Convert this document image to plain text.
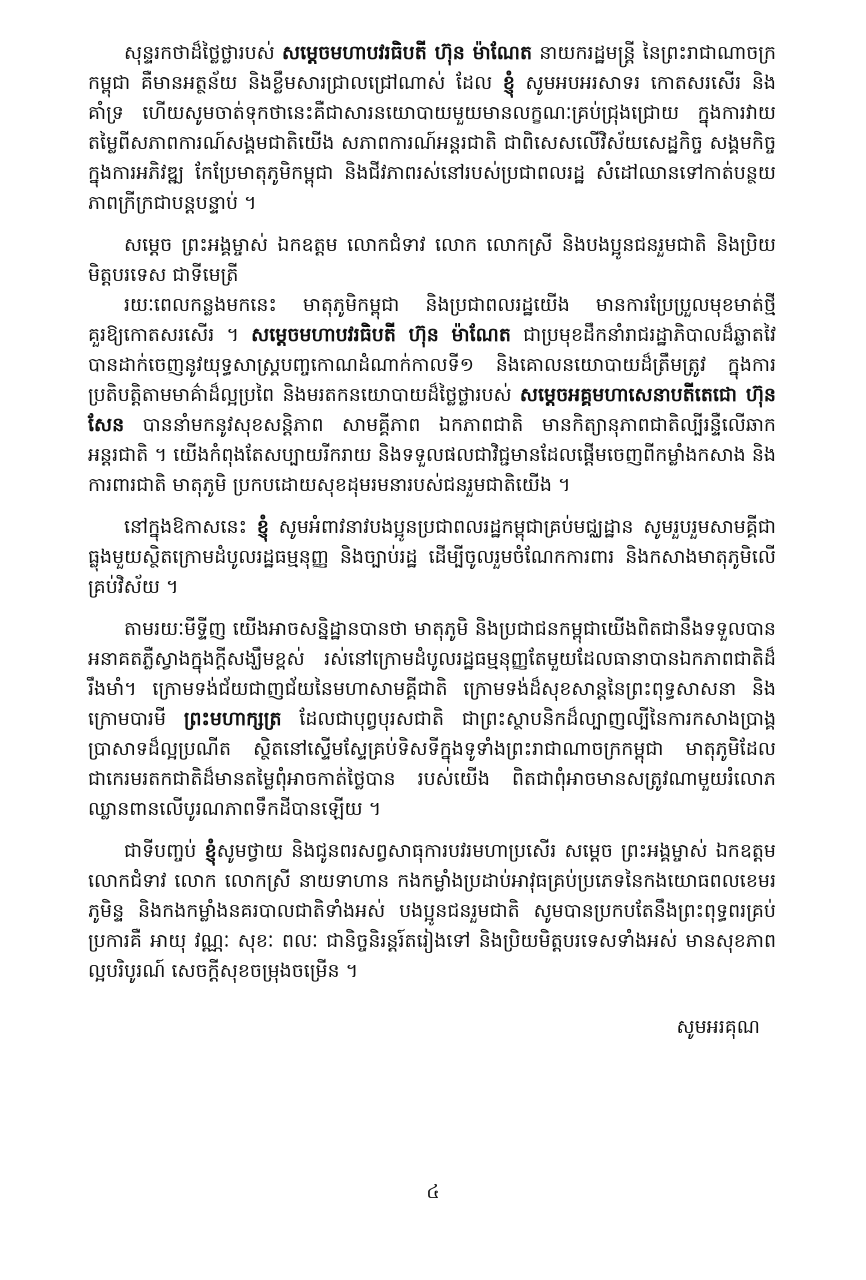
សុន្ទរកថាដ៏ថ្លៃថ្លារបស់ សម្ដេចមហាបវរធិបតី ហ៊ុន ម៉ាណែត នាយករដ្ឋមន្ត្រី នៃព្រះរាជាណាចក្រកម្ពុជា គឺមានអត្ថន័យ និងខ្លឹមសារជ្រាលជ្រៅណាស់ ដែល ខ្ញុំ សូមអបអរសាទរ កោតសរសើរ និងគាំទ្រ ហើយសូមចាត់ទុកថានេះគឺជាសារនយោបាយមួយមានលក្ខណៈគ្រប់ជ្រុងជ្រោយ ក្នុងការវាយតម្លៃពីសភាពការណ៍សង្គមជាតិយើង សភាពការណ៍អន្តរជាតិ ជាពិសេសលើវិស័យសេដ្ឋកិច្ច សង្គមកិច្ចក្នុងការអភិវឌ្ឍ កែប្រែមាតុភូមិកម្ពុជា និងជីវភាពរស់នៅរបស់ប្រជាពលរដ្ឋ សំដៅឈានទៅកាត់បន្ថយភាពក្រីក្រជាបន្តបន្ទាប់ ។

សម្ដេច ព្រះអង្គម្ចាស់ ឯកឧត្តម លោកជំទាវ លោក លោកស្រី និងបងប្អូនជនរួមជាតិ និងប្រិយមិត្តបរទេស ជាទីមេត្រី

រយៈពេលកន្លងមកនេះ មាតុភូមិកម្ពុជា និងប្រជាពលរដ្ឋយើង មានការប្រែប្រួលមុខមាត់ថ្មីគួរឱ្យកោតសរសើរ ។ សម្ដេចមហាបវរធិបតី ហ៊ុន ម៉ាណែត ជាប្រមុខដឹកនាំរាជរដ្ឋាភិបាលដ៏ឆ្លាតវៃ បានដាក់ចេញនូវយុទ្ធសាស្រ្តបញ្ចកោណដំណាក់កាលទី១ និងគោលនយោបាយដ៏ត្រឹមត្រូវ ក្នុងការប្រតិបត្តិតាមមាគ៌ាដ៏ល្អប្រពៃ និងមរតកនយោបាយដ៏ថ្លៃថ្លារបស់ សម្ដេចអគ្គមហាសេនាបតីតេជោ ហ៊ុន សែន បាននាំមកនូវសុខសន្តិភាព សាមគ្គីភាព ឯកភាពជាតិ មានកិត្យានុភាពជាតិល្បីរន្ទឺលើឆាកអន្តរជាតិ ។ យើងកំពុងតែសប្បាយរីករាយ និងទទួលផលជាវិជ្ជមានដែលផ្ដើមចេញពីកម្លាំងកសាង និងការពារជាតិ មាតុភូមិ ប្រកបដោយសុខដុមរមនារបស់ជនរួមជាតិយើង ។

នៅក្នុងឱកាសនេះ ខ្ញុំ សូមអំពាវនាវបងប្អូនប្រជាពលរដ្ឋកម្ពុជាគ្រប់មជ្ឈដ្ឋាន សូមរួបរួមសាមគ្គីជាធ្លុងមួយស្ថិតក្រោមដំបូលរដ្ឋធម្មនុញ្ញ និងច្បាប់រដ្ឋ ដើម្បីចូលរួមចំណែកការពារ និងកសាងមាតុភូមិលើគ្រប់វិស័យ ។

តាមរយៈមីទ្ទីញ យើងអាចសន្និដ្ឋានបានថា មាតុភូមិ និងប្រជាជនកម្ពុជាយើងពិតជានឹងទទួលបានអនាគតភ្លឺស្វាងក្នុងក្ដីសង្ឃឹមខ្ពស់ រស់នៅក្រោមដំបូលរដ្ឋធម្មនុញ្ញតែមួយដែលធានាបានឯកភាពជាតិដ៏រឹងមាំ។ ក្រោមទង់ជ័យជាញជ័យនៃមហាសាមគ្គីជាតិ ក្រោមទង់ដ៏សុខសាន្តនៃព្រះពុទ្ធសាសនា និងក្រោមបារមី ព្រះមហាក្សត្រ ដែលជាបុព្វបុរសជាតិ ជាព្រះស្ថាបនិកដ៏ល្បាញល្បីនៃការកសាងប្រាង្គប្រាសាទដ៏ល្អប្រណីត ស្ថិតនៅស្ទើមស្ទែគ្រប់ទិសទីក្នុងទូទាំងព្រះរាជាណាចក្រកម្ពុជា មាតុភូមិដែលជាកេរមរតកជាតិដ៏មានតម្លៃពុំអាចកាត់ថ្លៃបាន របស់យើង ពិតជាពុំអាចមានសត្រូវណាមួយរំលោភឈ្លានពានលើបូរណភាពទឹកដីបានឡើយ ។

ជាទីបញ្ចប់ ខ្ញុំសូមថ្វាយ និងជូនពរសព្វសាធុការបវរមហាប្រសើរ សម្ដេច ព្រះអង្គម្ចាស់ ឯកឧត្តម លោកជំទាវ លោក លោកស្រី នាយទាហាន កងកម្លាំងប្រដាប់អាវុធគ្រប់ប្រភេទនៃកងយោធពលខេមរភូមិន្ទ និងកងកម្លាំងនគរបាលជាតិទាំងអស់ បងប្អូនជនរួមជាតិ សូមបានប្រកបតែនឹងព្រះពុទ្ធពរគ្រប់ប្រការគឺ អាយុ វណ្ណៈ សុខៈ ពលៈ ជានិច្ចនិរន្តរ៍តរៀងទៅ និងប្រិយមិត្តបរទេសទាំងអស់ មានសុខភាពល្អបរិបូរណ៍ សេចក្ដីសុខចម្រុងចម្រើន ។

សូមអរគុណ
៤
